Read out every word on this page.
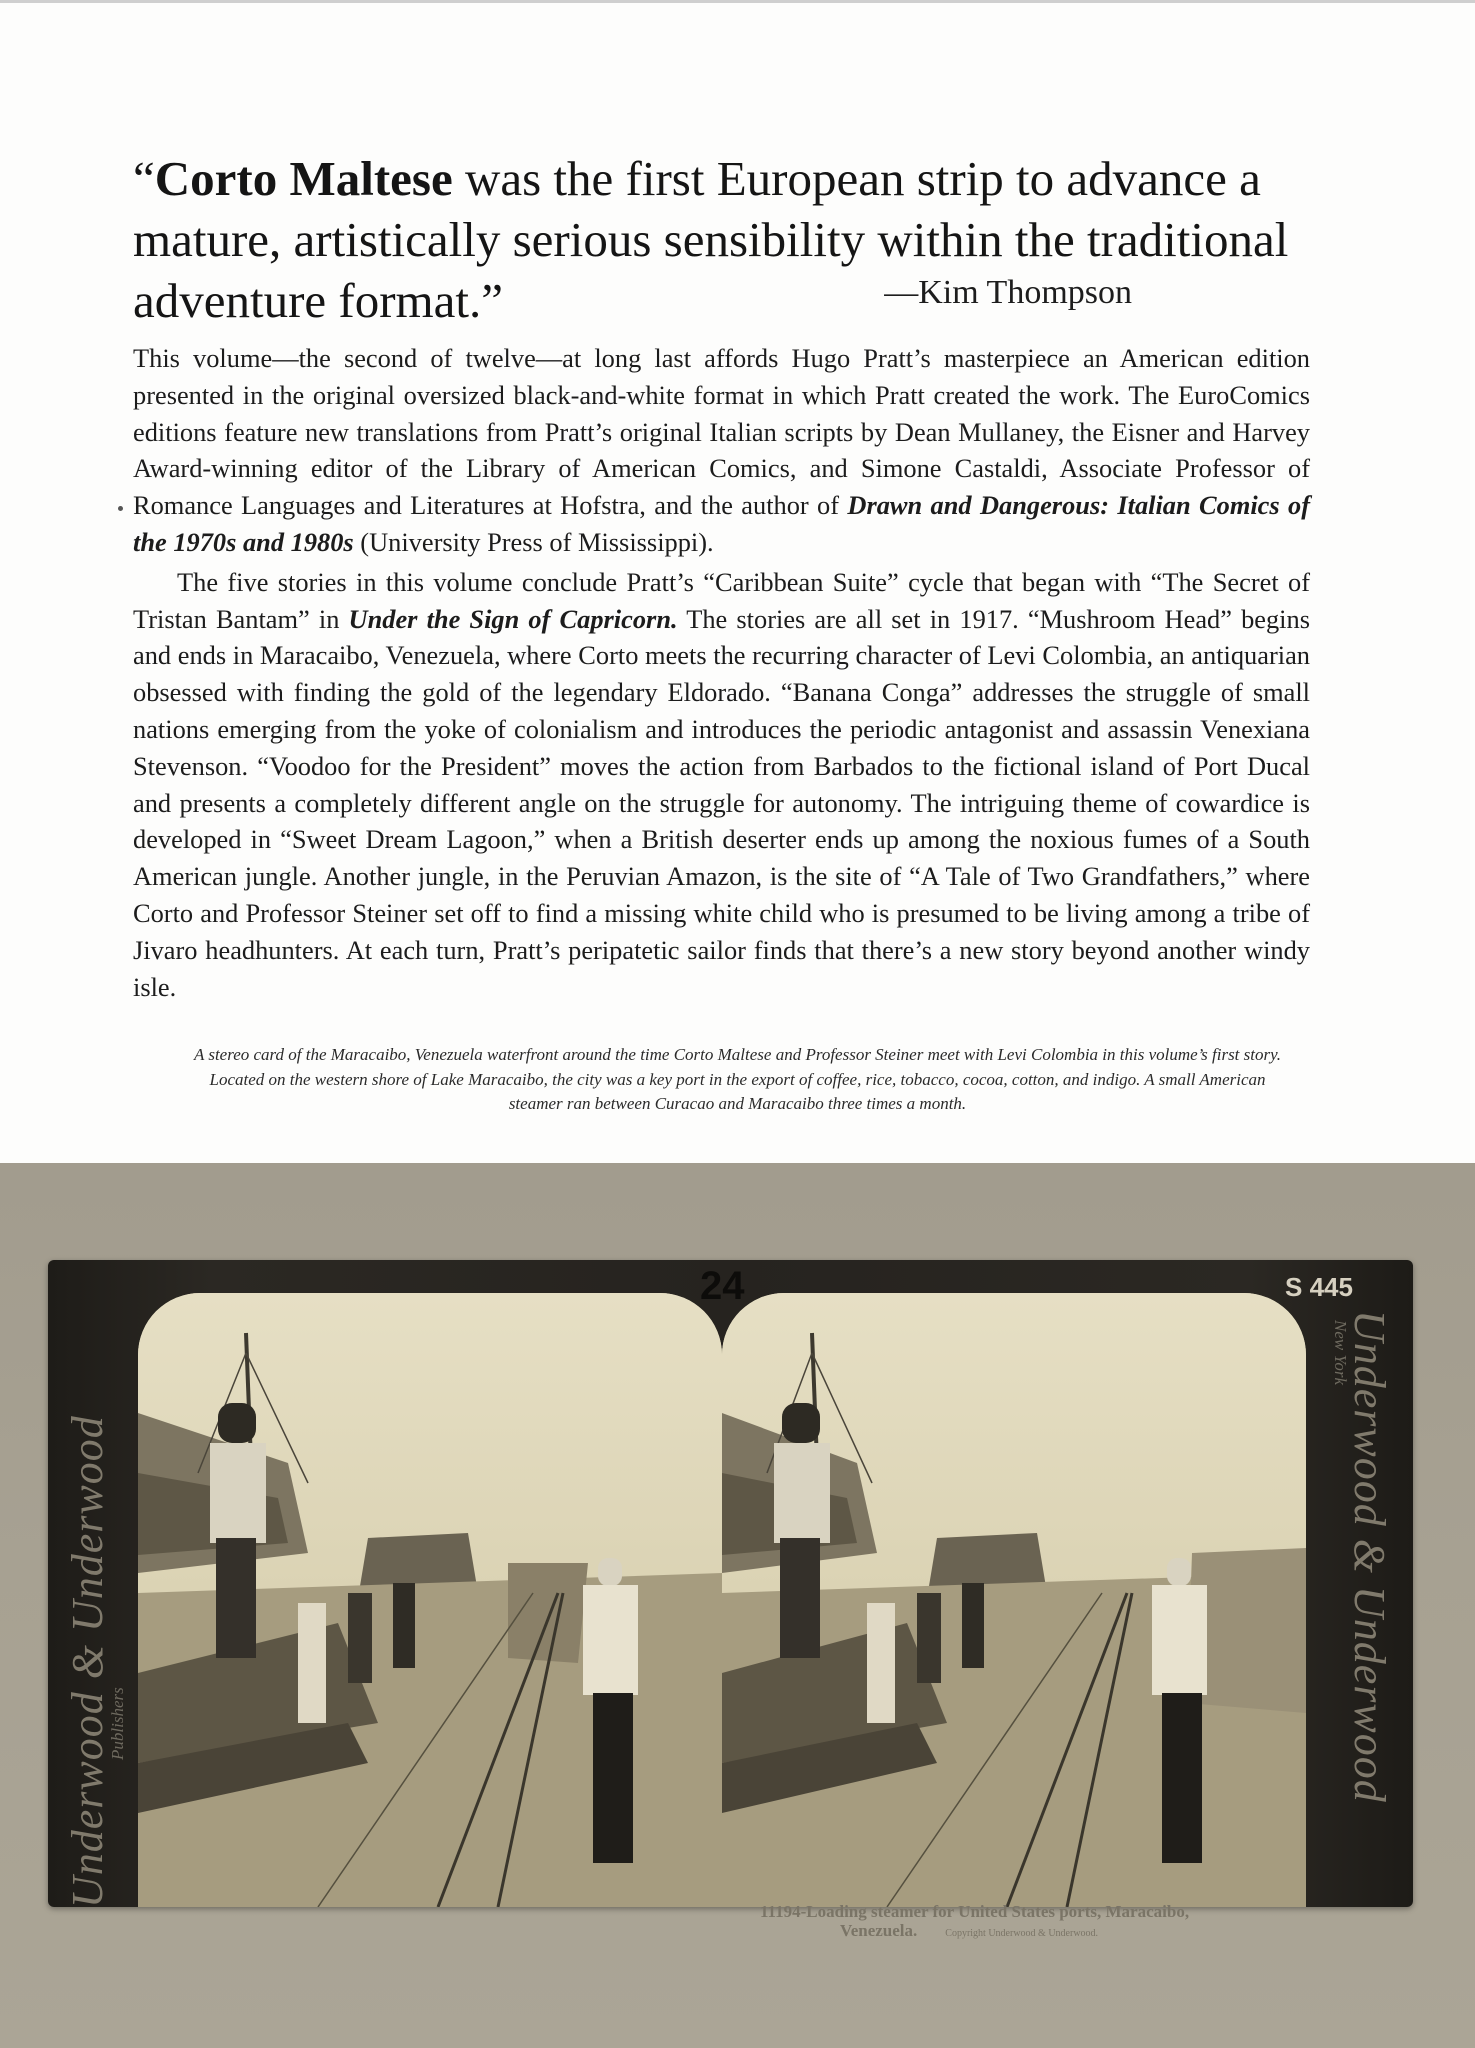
“Corto Maltese was the first European strip to advance a mature, artistically serious sensibility within the traditional adventure format.”	—Kim Thompson

This volume—the second of twelve—at long last affords Hugo Pratt’s masterpiece an American edition presented in the original oversized black-and-white format in which Pratt created the work. The EuroComics editions feature new translations from Pratt’s original Italian scripts by Dean Mullaney, the Eisner and Harvey Award-winning editor of the Library of American Comics, and Simone Castaldi, Associate Professor of Romance Languages and Literatures at Hofstra, and the author of Drawn and Dangerous: Italian Comics of the 1970s and 1980s (University Press of Mississippi).

The five stories in this volume conclude Pratt’s “Caribbean Suite” cycle that began with “The Secret of Tristan Bantam” in Under the Sign of Capricorn. The stories are all set in 1917. “Mushroom Head” begins and ends in Maracaibo, Venezuela, where Corto meets the recurring character of Levi Colombia, an antiquarian obsessed with finding the gold of the legendary Eldorado. “Banana Conga” addresses the struggle of small nations emerging from the yoke of colonialism and introduces the periodic antagonist and assassin Venexiana Stevenson. “Voodoo for the President” moves the action from Barbados to the fictional island of Port Ducal and presents a completely different angle on the struggle for autonomy. The intriguing theme of cowardice is developed in “Sweet Dream Lagoon,” when a British deserter ends up among the noxious fumes of a South American jungle. Another jungle, in the Peruvian Amazon, is the site of “A Tale of Two Grandfathers,” where Corto and Professor Steiner set off to find a missing white child who is presumed to be living among a tribe of Jivaro headhunters. At each turn, Pratt’s peripatetic sailor finds that there’s a new story beyond another windy isle.

A stereo card of the Maracaibo, Venezuela waterfront around the time Corto Maltese and Professor Steiner meet with Levi Colombia in this volume’s first story. Located on the western shore of Lake Maracaibo, the city was a key port in the export of coffee, rice, tobacco, cocoa, cotton, and indigo. A small American steamer ran between Curacao and Maracaibo three times a month.

Underwood & Underwood
Publishers	Underwood & Underwood
New York
24	S 445
11194-Loading steamer for United States ports, Maracaibo,
Venezuela.	Copyright Underwood & Underwood.
